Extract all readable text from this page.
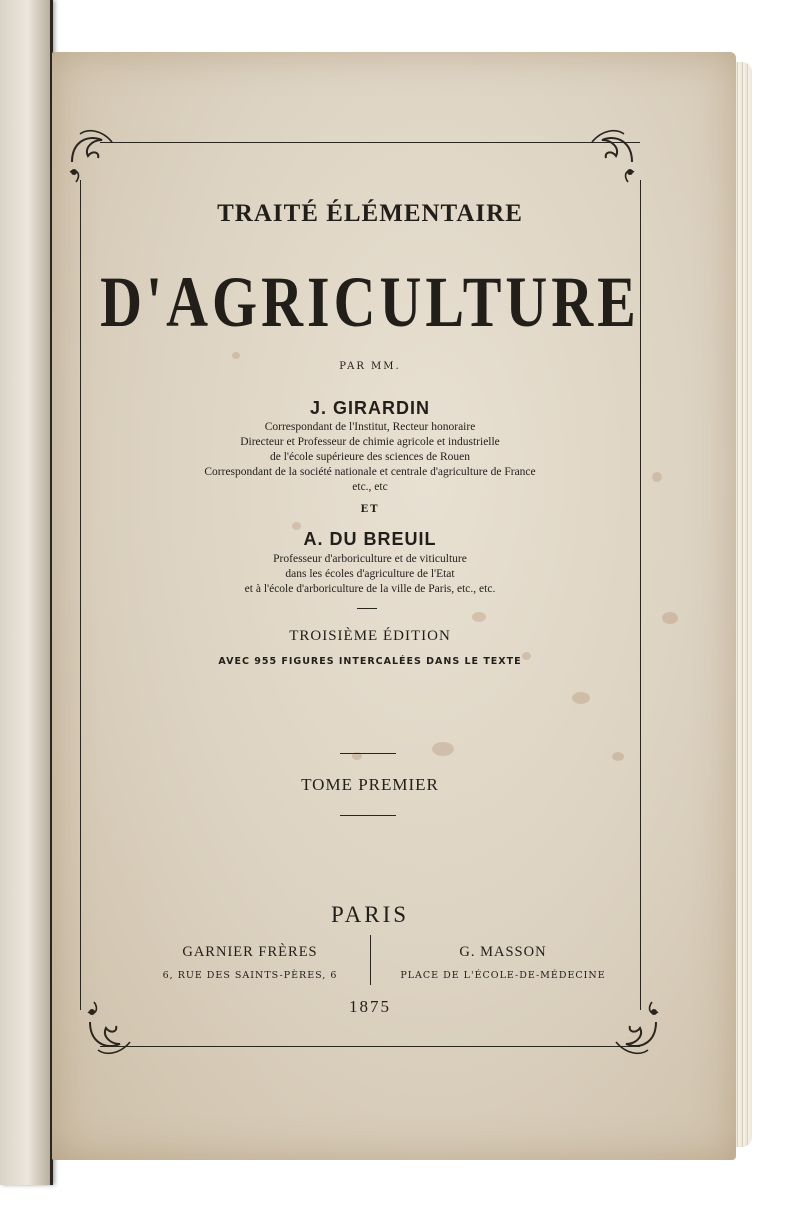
TRAITÉ ÉLÉMENTAIRE
D'AGRICULTURE
PAR MM.
J. GIRARDIN
Correspondant de l'Institut, Recteur honoraire
Directeur et Professeur de chimie agricole et industrielle
de l'école supérieure des sciences de Rouen
Correspondant de la société nationale et centrale d'agriculture de France
etc., etc
ET
A. DU BREUIL
Professeur d'arboriculture et de viticulture
dans les écoles d'agriculture de l'Etat
et à l'école d'arboriculture de la ville de Paris, etc., etc.
TROISIÈME ÉDITION
AVEC 955 FIGURES INTERCALÉES DANS LE TEXTE
TOME PREMIER
PARIS
GARNIER FRÈRES
6, RUE DES SAINTS-PÈRES, 6
G. MASSON
PLACE DE L'ÉCOLE-DE-MÉDECINE
1875
